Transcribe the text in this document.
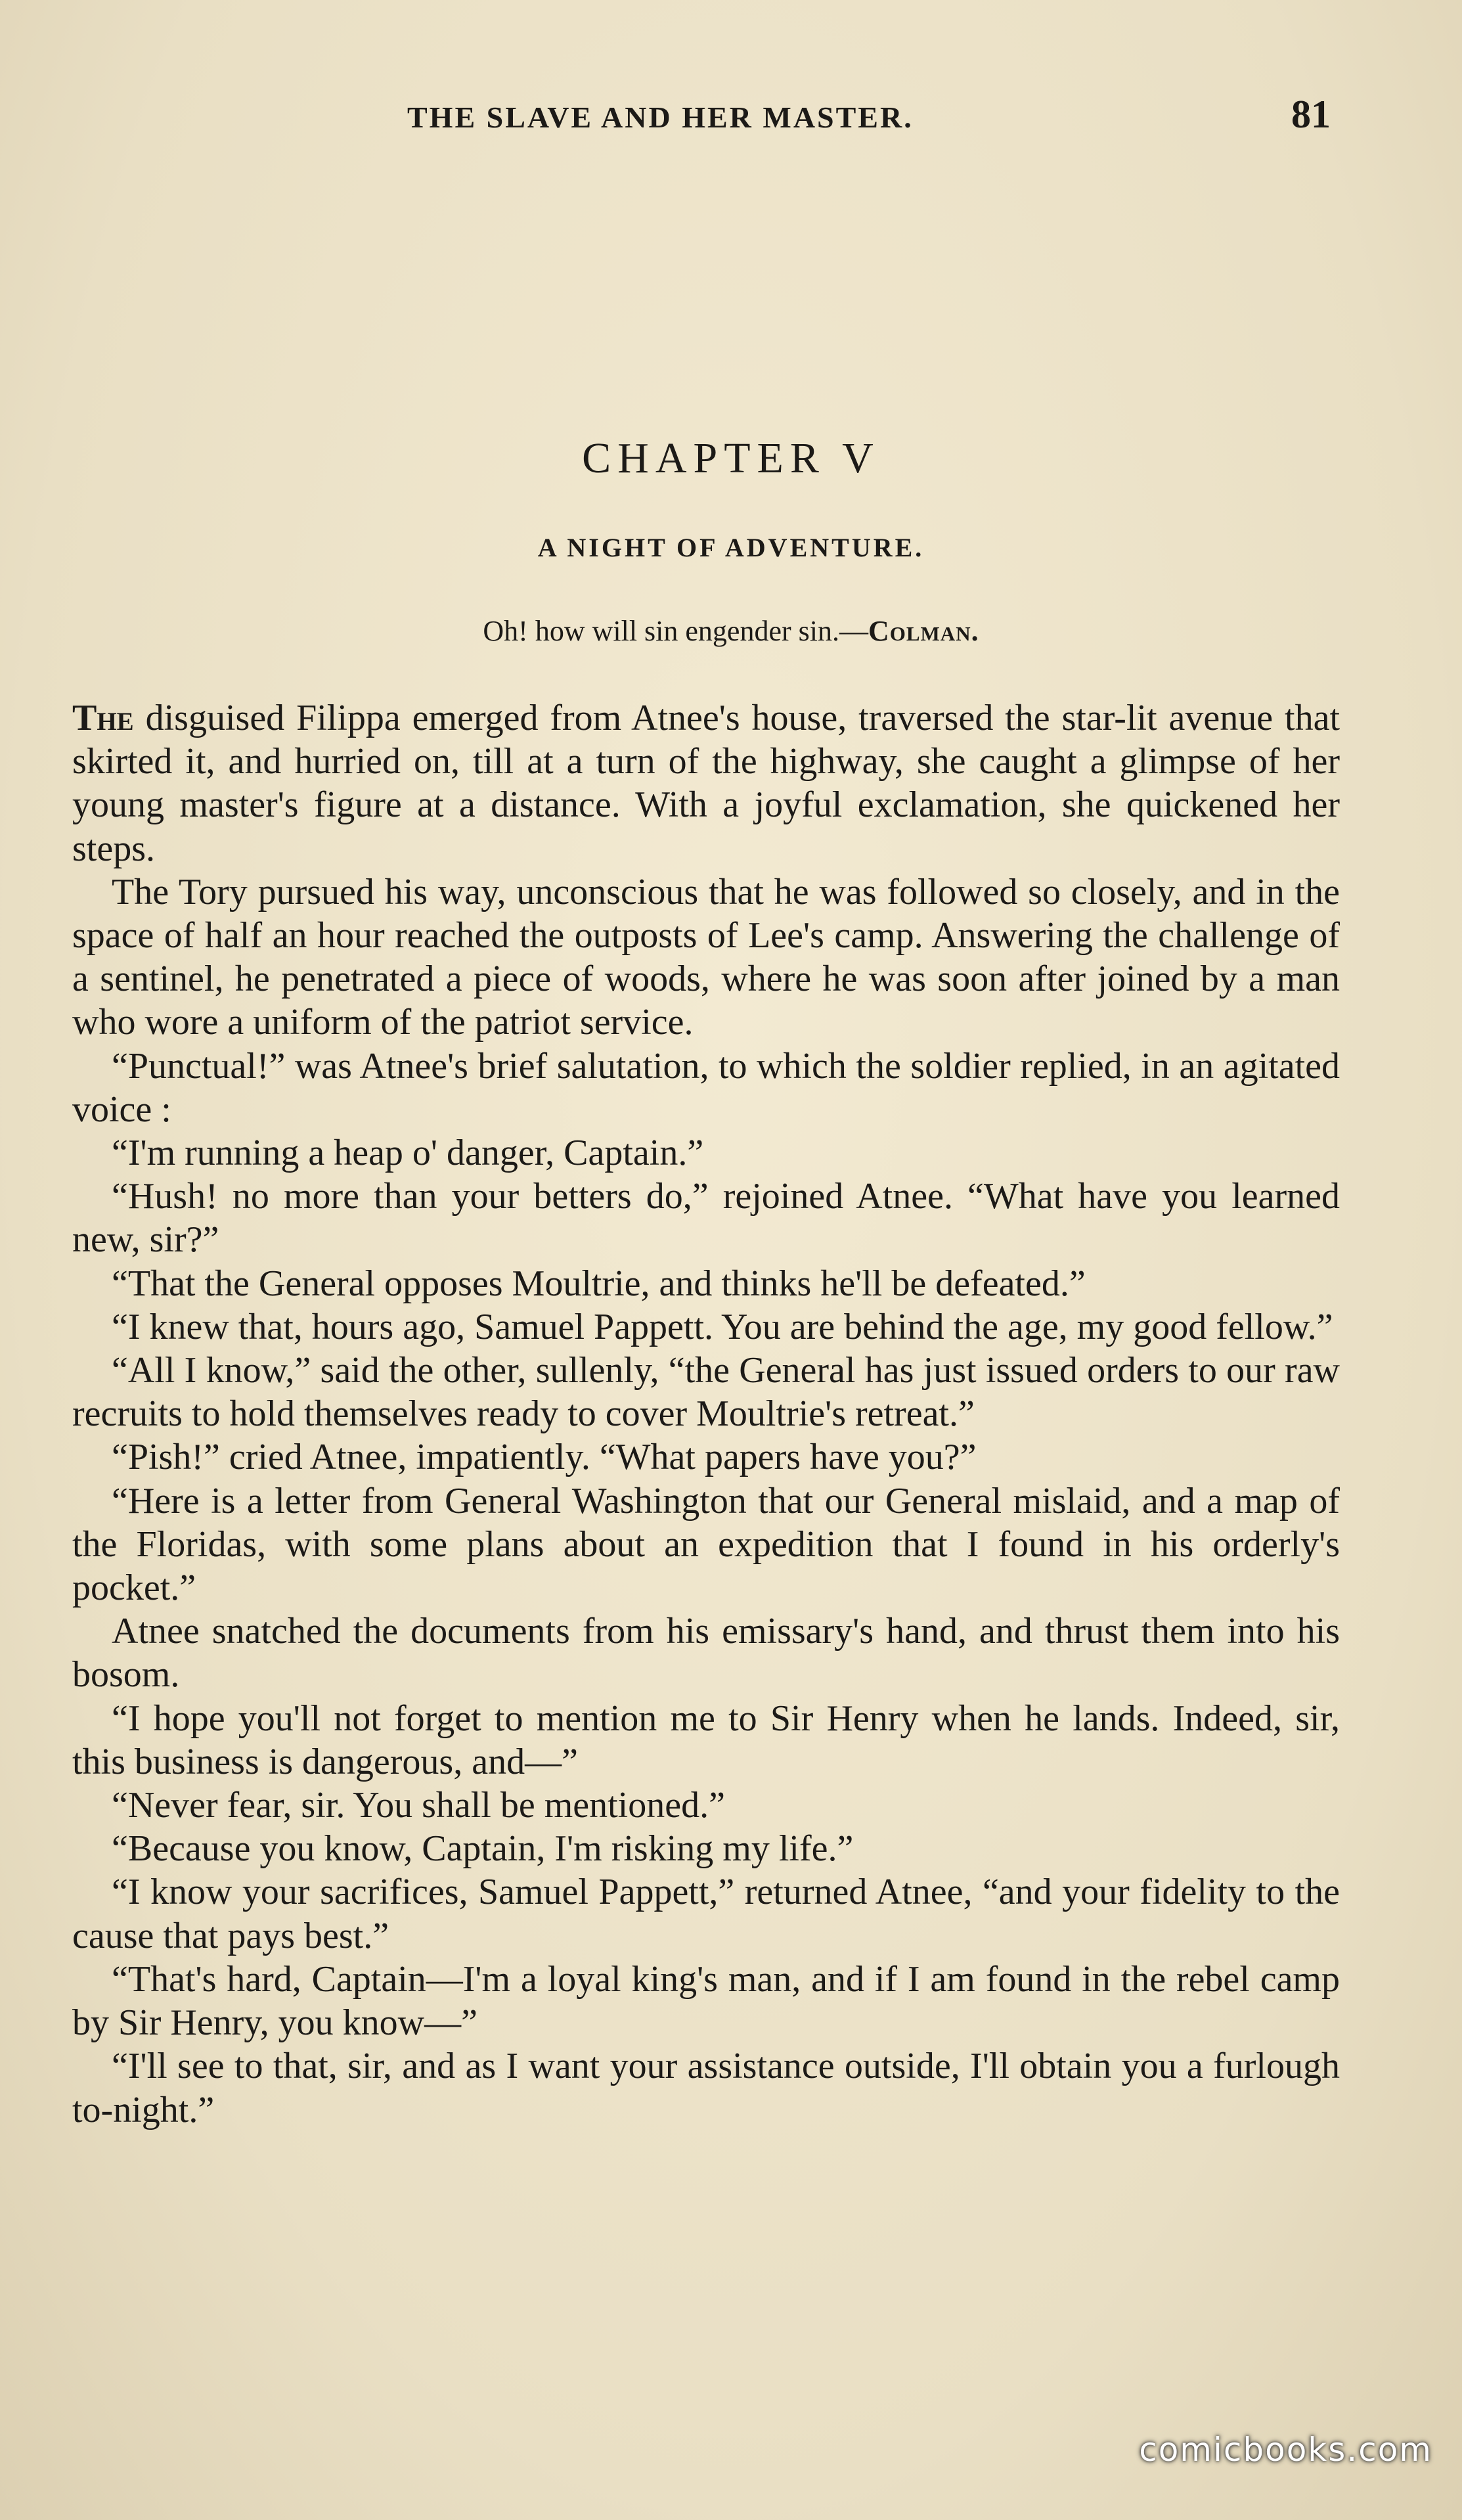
THE SLAVE AND HER MASTER.	81
CHAPTER V
A NIGHT OF ADVENTURE.
Oh! how will sin engender sin.—Colman.

The disguised Filippa emerged from Atnee's house, traversed the star-lit avenue that skirted it, and hurried on, till at a turn of the highway, she caught a glimpse of her young master's figure at a distance. With a joyful exclamation, she quickened her steps.

The Tory pursued his way, unconscious that he was followed so closely, and in the space of half an hour reached the outposts of Lee's camp. Answering the challenge of a sentinel, he penetrated a piece of woods, where he was soon after joined by a man who wore a uniform of the patriot service.

“Punctual!” was Atnee's brief salutation, to which the soldier replied, in an agitated voice :

“I'm running a heap o' danger, Captain.”

“Hush! no more than your betters do,” rejoined Atnee. “What have you learned new, sir?”

“That the General opposes Moultrie, and thinks he'll be defeated.”

“I knew that, hours ago, Samuel Pappett. You are behind the age, my good fellow.”

“All I know,” said the other, sullenly, “the General has just issued orders to our raw recruits to hold themselves ready to cover Moultrie's retreat.”

“Pish!” cried Atnee, impatiently. “What papers have you?”

“Here is a letter from General Washington that our General mislaid, and a map of the Floridas, with some plans about an expedition that I found in his orderly's pocket.”

Atnee snatched the documents from his emissary's hand, and thrust them into his bosom.

“I hope you'll not forget to mention me to Sir Henry when he lands. Indeed, sir, this business is dangerous, and—”

“Never fear, sir. You shall be mentioned.”

“Because you know, Captain, I'm risking my life.”

“I know your sacrifices, Samuel Pappett,” returned Atnee, “and your fidelity to the cause that pays best.”

“That's hard, Captain—I'm a loyal king's man, and if I am found in the rebel camp by Sir Henry, you know—”

“I'll see to that, sir, and as I want your assistance outside, I'll obtain you a furlough to-night.”

comicbooks.com
